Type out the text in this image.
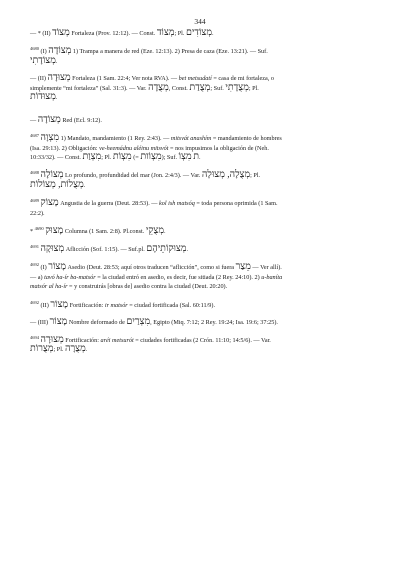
344

— * (II) מְצוֹד Fortaleza (Prov. 12:12). — Const. מְצוֹד; Pl. מְצוֹדִים.

$^{4680}$ (I) מְצוֹדָה 1) Trampa a manera de red (Eze. 12:13). 2) Presa de caza (Eze. 13:21). — Suf.
מְצוֹדָתִי.

— (II) מְצוּדָה Fortaleza (1 Sam. 22:4; Ver nota RVA). — bet metsudatí = casa de mi fortaleza, o
simplemente “mi fortaleza” (Sal. 31:3). — Var. מְצֻדָה, Const. מְצֻדַת; Suf. מְצֻדָתִי; Pl.
מְצוּדוֹת.

— מְצוֹדָה Red (Ecl. 9:12).

$^{4687}$ מִצְוָה 1) Mandato, mandamiento (1 Rey. 2:43). — mitsvát anashím = mandamiento de hombres
(Isa. 29:13). 2) Obligación: ve-heemádnu aléinu mitsvót = nos impusimos la obligación de (Neh.
10:33/32). — Const. מִצְוַת; Pl. מִצְוֹת (= מִצְוֹות); Suf. מִצְוֹ ת.

$^{4688}$ מְצוֹלָה Lo profundo, profundidad del mar (Jon. 2:4/3). — Var. מְצֻלָה, מְצוּלָה; Pl.
מְצֻלוֹת, מְצוֹלוֹת.

$^{4689}$ מָצוֹק Angustia de la guerra (Deut. 28:53). — kol ish matsóq = toda persona oprimida (1 Sam.
22:2).

* $^{4690}$ מָצוּק Columna (1 Sam. 2:8). Pl.const. מְצֻקֵי.

$^{4691}$ מְצוּקָה Aflicción (Sof. 1:15). — Suf.pl. מְצוּקוֹתֵיהֶם.

$^{4692}$ (I) מָצוֹר Asedio (Deut. 28:53; aquí otros traducen “aflicción”, como si fuera מֵצַר — Ver allí).
— a) tavó ha-ír ba-matsór = la ciudad entró en asedio, es decir, fue sitiada (2 Rey. 24:10). 2) u-baníta
matsór al ha-ír = y construirás [obras de] asedio contra la ciudad (Deut. 20:20).

$^{4692}$ (II) מָצוֹר Fortificación: ir matsór = ciudad fortificada (Sal. 60:11/9).

— (III) מָצוֹר Nombre deformado de מִצְרַיִם, Egipto (Miq. 7:12; 2 Rey. 19:24; Isa. 19:6; 37:25).

$^{4694}$ מְצוּרָה Fortificación: aréi metsurót = ciudades fortificadas (2 Crón. 11:10; 14:5/6). — Var.
מְצֻרוֹת; Pl. מְצֻרָה.
